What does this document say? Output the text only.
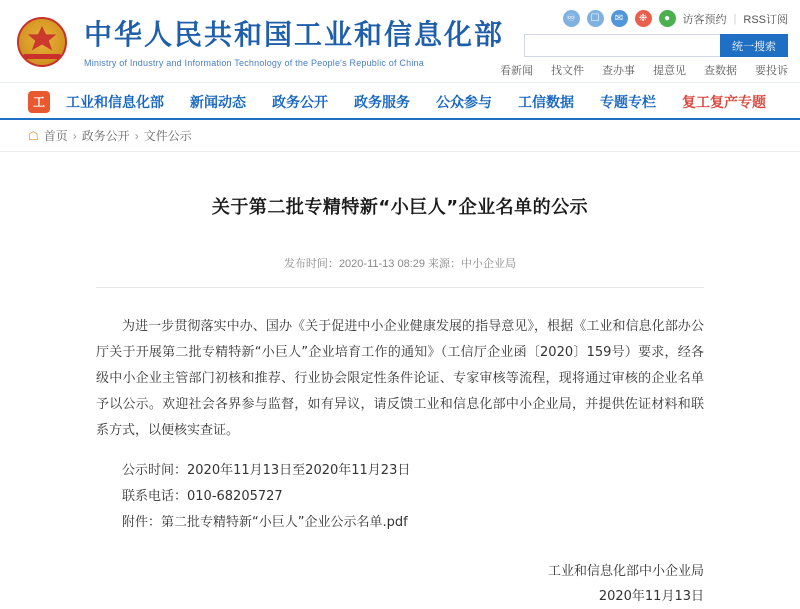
中华人民共和国工业和信息化部
Ministry of Industry and Information Technology of the People's Republic of China
♾	☐	✉	❉	●	访客预约 | RSS订阅
统一搜索
看新闻 找文件 查办事 提意见 查数据 要投诉
工	工业和信息化部 新闻动态 政务公开 政务服务 公众参与 工信数据 专题专栏 复工复产专题
☖ 首页 › 政务公开 › 文件公示
关于第二批专精特新“小巨人”企业名单的公示
发布时间：2020-11-13 08:29 来源：中小企业局

为进一步贯彻落实中办、国办《关于促进中小企业健康发展的指导意见》，根据《工业和信息化部办公厅关于开展第二批专精特新“小巨人”企业培育工作的通知》（工信厅企业函〔2020〕159号）要求，经各级中小企业主管部门初核和推荐、行业协会限定性条件论证、专家审核等流程，现将通过审核的企业名单予以公示。欢迎社会各界参与监督，如有异议，请反馈工业和信息化部中小企业局，并提供佐证材料和联系方式，以便核实查证。

公示时间：2020年11月13日至2020年11月23日

联系电话：010-68205727

附件：第二批专精特新“小巨人”企业公示名单.pdf

工业和信息化部中小企业局
2020年11月13日
